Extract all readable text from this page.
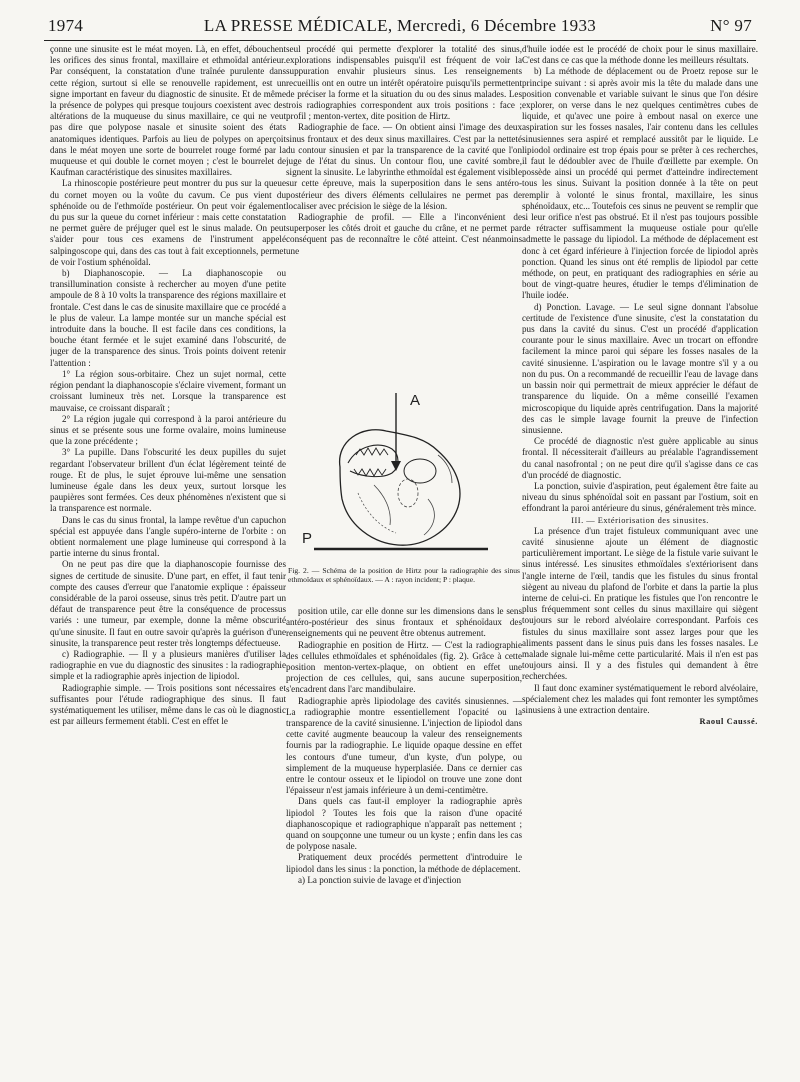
1974	LA PRESSE MÉDICALE, Mercredi, 6 Décembre 1933	N° 97

çonne une sinusite est le méat moyen. Là, en effet, débouchent les orifices des sinus frontal, maxillaire et ethmoïdal antérieur. Par conséquent, la constatation d'une traînée purulente dans cette région, surtout si elle se renouvelle rapidement, est un signe important en faveur du diagnostic de sinusite. Et de même la présence de polypes qui presque toujours coexistent avec des altérations de la muqueuse du sinus maxillaire, ce qui ne veut pas dire que polypose nasale et sinusite soient des états anatomiques identiques. Parfois au lieu de polypes on aperçoit dans le méat moyen une sorte de bourrelet rouge formé par la muqueuse et qui double le cornet moyen ; c'est le bourrelet de Kaufman caractéristique des sinusites maxillaires.

La rhinoscopie postérieure peut montrer du pus sur la queue du cornet moyen ou la voûte du cavum. Ce pus vient du sphénoïde ou de l'ethmoïde postérieur. On peut voir également du pus sur la queue du cornet inférieur : mais cette constatation ne permet guère de préjuger quel est le sinus malade. On peut s'aider pour tous ces examens de l'instrument appelé salpingoscope qui, dans des cas tout à fait exceptionnels, permet de voir l'ostium sphénoïdal.

b) Diaphanoscopie. — La diaphanoscopie ou transillumination consiste à rechercher au moyen d'une petite ampoule de 8 à 10 volts la transparence des régions maxillaire et frontale. C'est dans le cas de sinusite maxillaire que ce procédé a le plus de valeur. La lampe montée sur un manche spécial est introduite dans la bouche. Il est facile dans ces conditions, la bouche étant fermée et le sujet examiné dans l'obscurité, de juger de la transparence des sinus. Trois points doivent retenir l'attention :

1° La région sous-orbitaire. Chez un sujet normal, cette région pendant la diaphanoscopie s'éclaire vivement, formant un croissant lumineux très net. Lorsque la transparence est mauvaise, ce croissant disparaît ;

2° La région jugale qui correspond à la paroi antérieure du sinus et se présente sous une forme ovalaire, moins lumineuse que la zone précédente ;

3° La pupille. Dans l'obscurité les deux pupilles du sujet regardant l'observateur brillent d'un éclat légèrement teinté de rouge. Et de plus, le sujet éprouve lui-même une sensation lumineuse égale dans les deux yeux, surtout lorsque les paupières sont fermées. Ces deux phénomènes n'existent que si la transparence est normale.

Dans le cas du sinus frontal, la lampe revêtue d'un capuchon spécial est appuyée dans l'angle supéro-interne de l'orbite : on obtient normalement une plage lumineuse qui correspond à la partie interne du sinus frontal.

On ne peut pas dire que la diaphanoscopie fournisse des signes de certitude de sinusite. D'une part, en effet, il faut tenir compte des causes d'erreur que l'anatomie explique : épaisseur considérable de la paroi osseuse, sinus très petit. D'autre part un défaut de transparence peut être la conséquence de processus variés : une tumeur, par exemple, donne la même obscurité qu'une sinusite. Il faut en outre savoir qu'après la guérison d'une sinusite, la transparence peut rester très longtemps défectueuse.

c) Radiographie. — Il y a plusieurs manières d'utiliser la radiographie en vue du diagnostic des sinusites : la radiographie simple et la radiographie après injection de lipiodol.

Radiographie simple. — Trois positions sont nécessaires et suffisantes pour l'étude radiographique des sinus. Il faut systématiquement les utiliser, même dans le cas où le diagnostic est par ailleurs fermement établi. C'est en effet le

seul procédé qui permette d'explorer la totalité des sinus, explorations indispensables puisqu'il est fréquent de voir la suppuration envahir plusieurs sinus. Les renseignements recueillis ont en outre un intérêt opératoire puisqu'ils permettent de préciser la forme et la situation du ou des sinus malades. Les trois radiographies correspondent aux trois positions : face ; profil ; menton-vertex, dite position de Hirtz.

Radiographie de face. — On obtient ainsi l'image des deux sinus frontaux et des deux sinus maxillaires. C'est par la netteté du contour sinusien et par la transparence de la cavité que l'on juge de l'état du sinus. Un contour flou, une cavité sombre, signent la sinusite. Le labyrinthe ethmoïdal est également visible sur cette épreuve, mais la superposition dans le sens antéro-postérieur des divers éléments cellulaires ne permet pas de localiser avec précision le siège de la lésion.

Radiographie de profil. — Elle a l'inconvénient de superposer les côtés droit et gauche du crâne, et ne permet par conséquent pas de reconnaître le côté atteint. C'est néanmoins une

A
P
Fig. 2. — Schéma de la position de Hirtz pour la radiographie des sinus ethmoïdaux et sphénoïdaux. — A : rayon incident; P : plaque.

position utile, car elle donne sur les dimensions dans le sens antéro-postérieur des sinus frontaux et sphénoïdaux des renseignements qui ne peuvent être obtenus autrement.

Radiographie en position de Hirtz. — C'est la radiographie des cellules ethmoïdales et sphénoïdales (fig. 2). Grâce à cette position menton-vertex-plaque, on obtient en effet une projection de ces cellules, qui, sans aucune superposition, s'encadrent dans l'arc mandibulaire.

Radiographie après lipiodolage des cavités sinusiennes. — La radiographie montre essentiellement l'opacité ou la transparence de la cavité sinusienne. L'injection de lipiodol dans cette cavité augmente beaucoup la valeur des renseignements fournis par la radiographie. Le liquide opaque dessine en effet les contours d'une tumeur, d'un kyste, d'un polype, ou simplement de la muqueuse hyperplasiée. Dans ce dernier cas entre le contour osseux et le lipiodol on trouve une zone dont l'épaisseur n'est jamais inférieure à un demi-centimètre.

Dans quels cas faut-il employer la radiographie après lipiodol ? Toutes les fois que la raison d'une opacité diaphanoscopique et radiographique n'apparaît pas nettement ; quand on soupçonne une tumeur ou un kyste ; enfin dans les cas de polypose nasale.

Pratiquement deux procédés permettent d'introduire le lipiodol dans les sinus : la ponction, la méthode de déplacement.

a) La ponction suivie de lavage et d'injection

d'huile iodée est le procédé de choix pour le sinus maxillaire. C'est dans ce cas que la méthode donne les meilleurs résultats.

b) La méthode de déplacement ou de Proetz repose sur le principe suivant : si après avoir mis la tête du malade dans une position convenable et variable suivant le sinus que l'on désire explorer, on verse dans le nez quelques centimètres cubes de liquide, et qu'avec une poire à embout nasal on exerce une aspiration sur les fosses nasales, l'air contenu dans les cellules sinusiennes sera aspiré et remplacé aussitôt par le liquide. Le lipiodol ordinaire est trop épais pour se prêter à ces recherches, il faut le dédoubler avec de l'huile d'œillette par exemple. On possède ainsi un procédé qui permet d'atteindre indirectement tous les sinus. Suivant la position donnée à la tête on peut remplir à volonté le sinus frontal, maxillaire, les sinus sphénoïdaux, etc... Toutefois ces sinus ne peuvent se remplir que si leur orifice n'est pas obstrué. Et il n'est pas toujours possible de rétracter suffisamment la muqueuse ostiale pour qu'elle admette le passage du lipiodol. La méthode de déplacement est donc à cet égard inférieure à l'injection forcée de lipiodol après ponction. Quand les sinus ont été remplis de lipiodol par cette méthode, on peut, en pratiquant des radiographies en série au bout de vingt-quatre heures, étudier le temps d'élimination de l'huile iodée.

d) Ponction. Lavage. — Le seul signe donnant l'absolue certitude de l'existence d'une sinusite, c'est la constatation du pus dans la cavité du sinus. C'est un procédé d'application courante pour le sinus maxillaire. Avec un trocart on effondre facilement la mince paroi qui sépare les fosses nasales de la cavité sinusienne. L'aspiration ou le lavage montre s'il y a ou non du pus. On a recommandé de recueillir l'eau de lavage dans un bassin noir qui permettrait de mieux apprécier le défaut de transparence du liquide. On a même conseillé l'examen microscopique du liquide après centrifugation. Dans la majorité des cas le simple lavage fournit la preuve de l'infection sinusienne.

Ce procédé de diagnostic n'est guère applicable au sinus frontal. Il nécessiterait d'ailleurs au préalable l'agrandissement du canal nasofrontal ; on ne peut dire qu'il s'agisse dans ce cas d'un procédé de diagnostic.

La ponction, suivie d'aspiration, peut également être faite au niveau du sinus sphénoïdal soit en passant par l'ostium, soit en effondrant la paroi antérieure du sinus, généralement très mince.

III. — Extériorisation des sinusites.

La présence d'un trajet fistuleux communiquant avec une cavité sinusienne ajoute un élément de diagnostic particulièrement important. Le siège de la fistule varie suivant le sinus intéressé. Les sinusites ethmoïdales s'extériorisent dans l'angle interne de l'œil, tandis que les fistules du sinus frontal siègent au niveau du plafond de l'orbite et dans la partie la plus interne de celui-ci. En pratique les fistules que l'on rencontre le plus fréquemment sont celles du sinus maxillaire qui siègent toujours sur le rebord alvéolaire correspondant. Parfois ces fistules du sinus maxillaire sont assez larges pour que les aliments passent dans le sinus puis dans les fosses nasales. Le malade signale lui-même cette particularité. Mais il n'en est pas toujours ainsi. Il y a des fistules qui demandent à être recherchées.

Il faut donc examiner systématiquement le rebord alvéolaire, spécialement chez les malades qui font remonter les symptômes sinusiens à une extraction dentaire.

Raoul Caussé.
